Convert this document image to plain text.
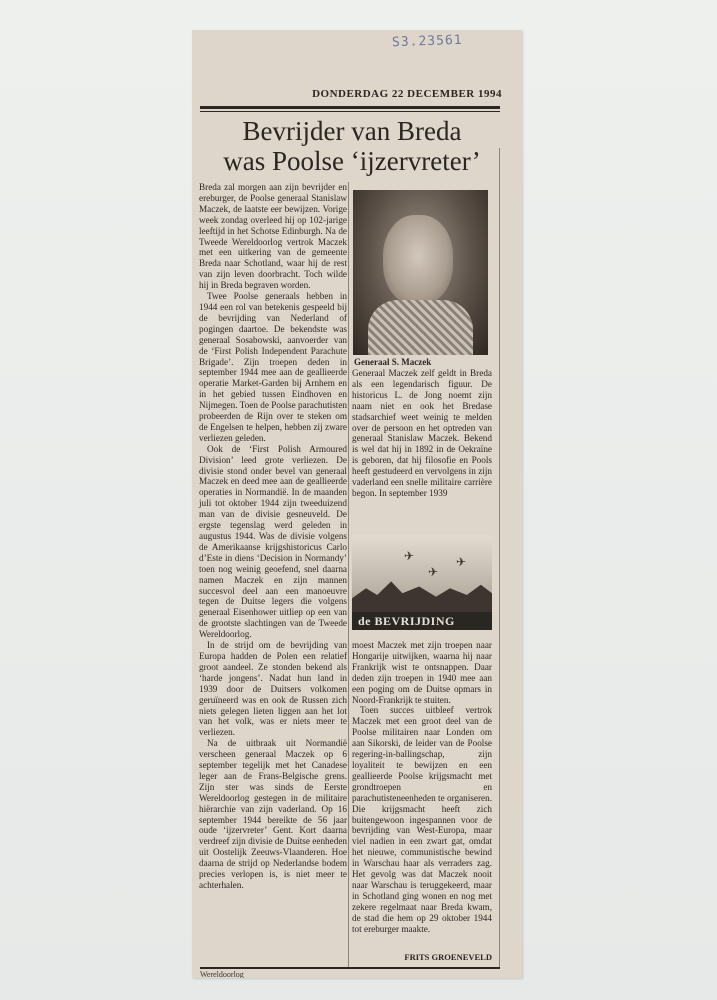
S3.23561
DONDERDAG 22 DECEMBER 1994
Bevrijder van Breda
was Poolse ‘ijzervreter’

Breda zal morgen aan zijn bevrijder en ereburger, de Poolse generaal Stanislaw Maczek, de laatste eer bewijzen. Vorige week zondag overleed hij op 102-jarige leeftijd in het Schotse Edinburgh. Na de Tweede Wereldoorlog vertrok Maczek met een uitkering van de gemeente Breda naar Schotland, waar hij de rest van zijn leven doorbracht. Toch wilde hij in Breda begraven worden.

Twee Poolse generaals hebben in 1944 een rol van betekenis gespeeld bij de bevrijding van Nederland of pogingen daartoe. De bekendste was generaal Sosabowski, aanvoerder van de ‘First Polish Independent Parachute Brigade’. Zijn troepen deden in september 1944 mee aan de geallieerde operatie Market-Garden bij Arnhem en in het gebied tussen Eindhoven en Nijmegen. Toen de Poolse parachutisten probeerden de Rijn over te steken om de Engelsen te helpen, hebben zij zware verliezen geleden.

Ook de ‘First Polish Armoured Division’ leed grote verliezen. De divisie stond onder bevel van generaal Maczek en deed mee aan de geallieerde operaties in Normandië. In de maanden juli tot oktober 1944 zijn tweeduizend man van de divisie gesneuveld. De ergste tegenslag werd geleden in augustus 1944. Was de divisie volgens de Amerikaanse krijgshistoricus Carlo d’Este in diens ‘Decision in Normandy’ toen nog weinig geoefend, snel daarna namen Maczek en zijn mannen succesvol deel aan een manoeuvre tegen de Duitse legers die volgens generaal Eisenhower uitliep op een van de grootste slachtingen van de Tweede Wereldoorlog.

In de strijd om de bevrijding van Europa hadden de Polen een relatief groot aandeel. Ze stonden bekend als ‘harde jongens’. Nadat hun land in 1939 door de Duitsers volkomen geruïneerd was en ook de Russen zich niets gelegen lieten liggen aan het lot van het volk, was er niets meer te verliezen.

Na de uitbraak uit Normandië verscheen generaal Maczek op 6 september tegelijk met het Canadese leger aan de Frans-Belgische grens. Zijn ster was sinds de Eerste Wereldoorlog gestegen in de militaire hiërarchie van zijn vaderland. Op 16 september 1944 bereikte de 56 jaar oude ‘ijzervreter’ Gent. Kort daarna verdreef zijn divisie de Duitse eenheden uit Oostelijk Zeeuws-Vlaanderen. Hoe daarna de strijd op Nederlandse bodem precies verlopen is, is niet meer te achterhalen.

Generaal S. Maczek

Generaal Maczek zelf geldt in Breda als een legendarisch figuur. De historicus L. de Jong noemt zijn naam niet en ook het Bredase stadsarchief weet weinig te melden over de persoon en het optreden van generaal Stanislaw Maczek. Bekend is wel dat hij in 1892 in de Oekraïne is geboren, dat hij filosofie en Pools heeft gestudeerd en vervolgens in zijn vaderland een snelle militaire carrière begon. In september 1939

✈
✈
✈
de BEVRIJDING

moest Maczek met zijn troepen naar Hongarije uitwijken, waarna hij naar Frankrijk wist te ontsnappen. Daar deden zijn troepen in 1940 mee aan een poging om de Duitse opmars in Noord-Frankrijk te stuiten.

Toen succes uitbleef vertrok Maczek met een groot deel van de Poolse militairen naar Londen om aan Sikorski, de leider van de Poolse regering-in-ballingschap, zijn loyaliteit te bewijzen en een geallieerde Poolse krijgsmacht met grondtroepen en parachutisteneenheden te organiseren. Die krijgsmacht heeft zich buitengewoon ingespannen voor de bevrijding van West-Europa, maar viel nadien in een zwart gat, omdat het nieuwe, communistische bewind in Warschau haar als verraders zag. Het gevolg was dat Maczek nooit naar Warschau is teruggekeerd, maar in Schotland ging wonen en nog met zekere regelmaat naar Breda kwam, de stad die hem op 29 oktober 1944 tot ereburger maakte.

FRITS GROENEVELD
Wereldoorlog
